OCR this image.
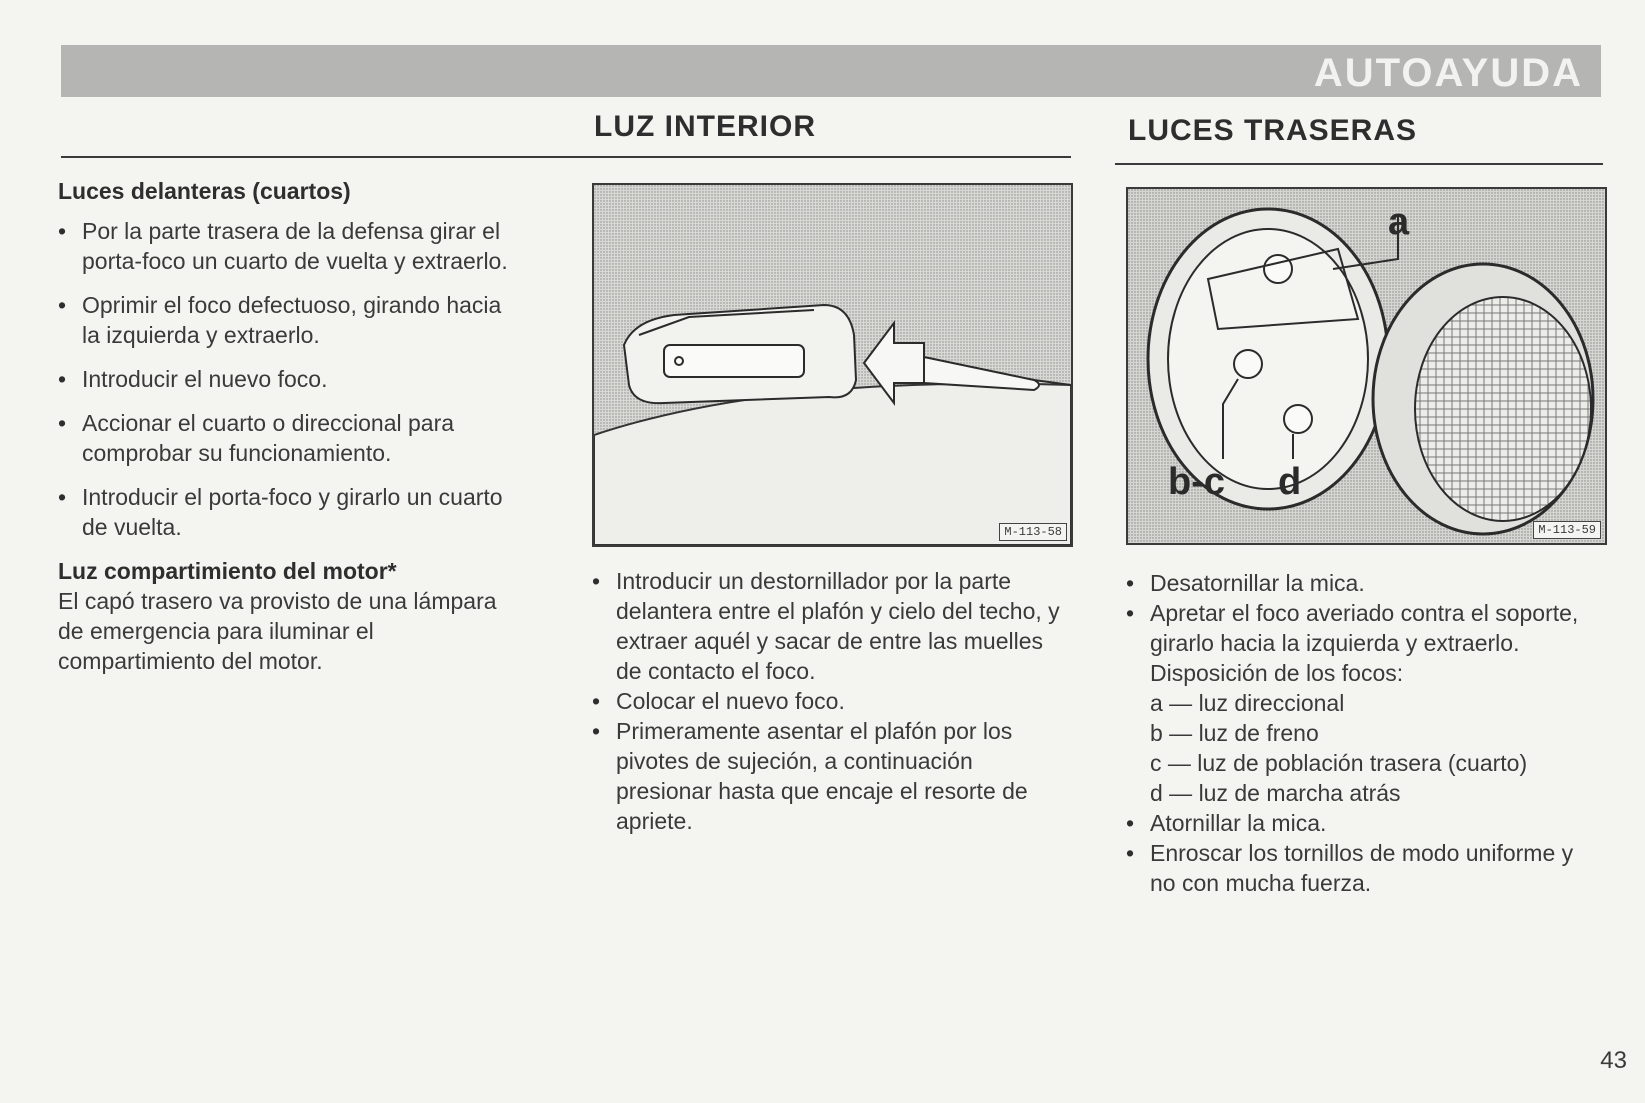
AUTOAYUDA
LUZ INTERIOR	LUCES TRASERAS

Luces delanteras (cuartos)

• Por la parte trasera de la defensa girar el porta-foco un cuarto de vuelta y extraerlo.
• Oprimir el foco defectuoso, girando hacia la izquierda y extraerlo.
• Introducir el nuevo foco.
• Accionar el cuarto o direccional para comprobar su funcionamiento.
• Introducir el porta-foco y girarlo un cuarto de vuelta.

Luz compartimiento del motor*

El capó trasero va provisto de una lámpara de emergencia para iluminar el compartimiento del motor.

M-113-58
a
b-c d
M-113-59
• Introducir un destornillador por la parte delantera entre el plafón y cielo del techo, y extraer aquél y sacar de entre las muelles de contacto el foco.
• Colocar el nuevo foco.
• Primeramente asentar el plafón por los pivotes de sujeción, a continuación presionar hasta que encaje el resorte de apriete.
• Desatornillar la mica.
• Apretar el foco averiado contra el soporte, girarlo hacia la izquierda y extraerlo.
Disposición de los focos:
a — luz direccional
b — luz de freno
c — luz de población trasera (cuarto)
d — luz de marcha atrás
• Atornillar la mica.
• Enroscar los tornillos de modo uniforme y no con mucha fuerza.
43
